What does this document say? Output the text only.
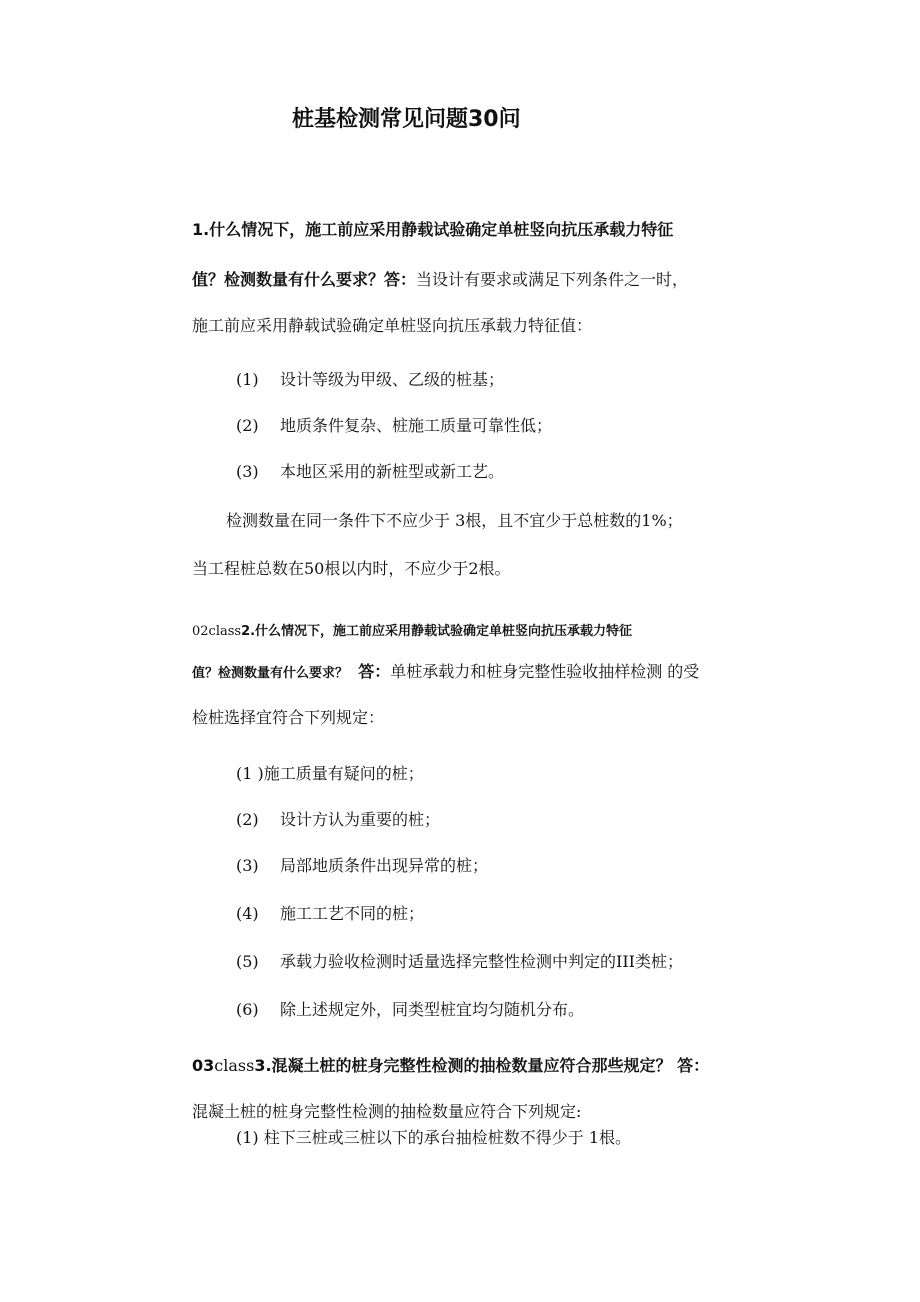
桩基检测常见问题30问
1.什么情况下，施工前应采用静载试验确定单桩竖向抗压承载力特征
值？检测数量有什么要求？答：当设计有要求或满足下列条件之一时，
施工前应采用静载试验确定单桩竖向抗压承载力特征值：
(1) 设计等级为甲级、乙级的桩基；
(2) 地质条件复杂、桩施工质量可靠性低；
(3) 本地区采用的新桩型或新工艺。
检测数量在同一条件下不应少于 3根，且不宜少于总桩数的1%；
当工程桩总数在50根以内时，不应少于2根。
02class2.什么情况下，施工前应采用静载试验确定单桩竖向抗压承载力特征
值？检测数量有什么要求？ 答：单桩承载力和桩身完整性验收抽样检测 的受
检桩选择宜符合下列规定：
(1 )施工质量有疑问的桩；
(2) 设计方认为重要的桩；
(3) 局部地质条件出现异常的桩；
(4) 施工工艺不同的桩；
(5) 承载力验收检测时适量选择完整性检测中判定的III类桩；
(6) 除上述规定外，同类型桩宜均匀随机分布。
03class3.混凝土桩的桩身完整性检测的抽检数量应符合那些规定？ 答：
混凝土桩的桩身完整性检测的抽检数量应符合下列规定:
(1) 柱下三桩或三桩以下的承台抽检桩数不得少于 1根。
